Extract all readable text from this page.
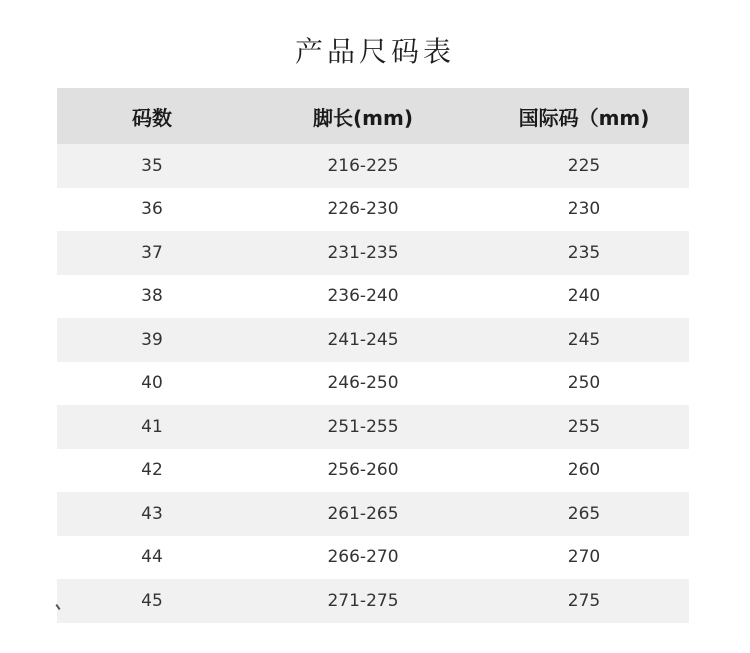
产品尺码表
码数	脚长(mm)	国际码（mm)
35	216-225	225
36	226-230	230
37	231-235	235
38	236-240	240
39	241-245	245
40	246-250	250
41	251-255	255
42	256-260	260
43	261-265	265
44	266-270	270
45	271-275	275
